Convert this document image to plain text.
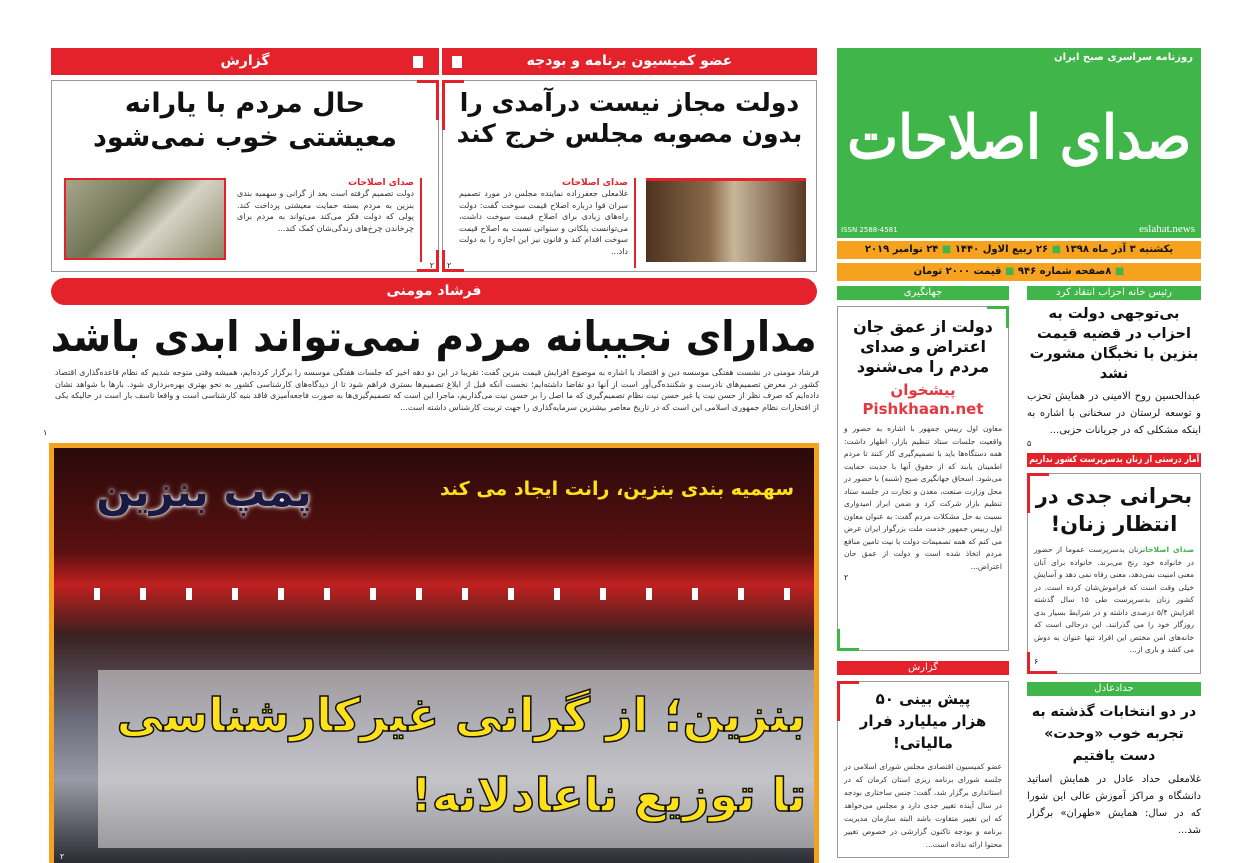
گزارش
حال مردم با یارانه معیشتی خوب نمی‌شود
صدای اصلاحات
دولت تصمیم گرفته است بعد از گرانی و سهمیه بندی بنزین به مردم بسته حمایت معیشتی پرداخت کند. پولی که دولت فکر می‌کند می‌تواند به مردم برای چرخاندن چرخ‌های زندگی‌شان کمک کند...
۲
عضو کمیسیون برنامه و بودجه
دولت مجاز نیست درآمدی را بدون مصوبه مجلس خرج کند
صدای اصلاحات
غلامعلی جعفرزاده نماینده مجلس در مورد تصمیم سران قوا درباره اصلاح قیمت سوخت گفت: دولت راه‌های زیادی برای اصلاح قیمت سوخت داشت، می‌توانست پلکانی و سنواتی نسبت به اصلاح قیمت سوخت اقدام کند و قانون نیز این اجازه را به دولت داد...
۲
روزنامه سراسری صبح ایران
صدای اصلاحات
ISSN 2588-4581	eslahat.news
یکشنبه ۳ آذر ماه ۱۳۹۸ ■ ۲۶ ربیع الاول ۱۴۴۰ ■ ۲۴ نوامبر ۲۰۱۹
■ ۸صفحه شماره ۹۴۶ ■ قیمت ۲۰۰۰ تومان
فرشاد مومنی
مدارای نجیبانه مردم نمی‌تواند ابدی باشد
فرشاد مومنی در نشست هفتگی موسسه دین و اقتصاد با اشاره به موضوع افزایش قیمت بنزین گفت: تقریبا در این دو دهه اخیر که جلسات هفتگی موسسه را برگزار کرده‌ایم، همیشه وقتی متوجه شدیم که نظام قاعده‌گذاری اقتصاد کشور در معرض تصمیم‌های نادرست و شکننده‌گی‌آور است از آنها دو تقاضا داشته‌ایم؛ نخست آنکه قبل از ابلاغ تصمیم‌ها بستری فراهم شود تا از دیدگاه‌های کارشناسی کشور به نحو بهتری بهره‌برداری شود. بارها با شواهد نشان داده‌ایم که صرف نظر از حسن نیت یا غیر حسن نیت نظام تصمیم‌گیری که ما اصل را بر حسن نیت می‌گذاریم، ماجرا این است که تصمیم‌گیری‌ها به صورت فاجعه‌آمیزی فاقد بنیه کارشناسی است و واقعا تاسف بار است در حالیکه یکی از افتخارات نظام جمهوری اسلامی این است که در تاریخ معاصر بیشترین سرمایه‌گذاری را جهت تربیت کارشناس داشته است...
۱
پمپ بنزین	سهمیه بندی بنزین، رانت ایجاد می کند
بنزین؛ از گرانی غیرکارشناسی
تا توزیع ناعادلانه!
۲
جهانگیری
دولت از عمق جان اعتراض و صدای مردم را می‌شنود
پیشخوان Pishkhaan.net
معاون اول رییس جمهور با اشاره به حضور و واقعیت جلسات ستاد تنظیم بازار، اظهار داشت: همه دستگاه‌ها باید با تصمیم‌گیری کار کنند تا مردم اطمینان یابند که از حقوق آنها با جدیت حمایت می‌شود. اسحاق جهانگیری صبح (شنبه) با حضور در محل وزارت صنعت، معدن و تجارت در جلسه ستاد تنظیم بازار شرکت کرد و ضمن ابراز امیدواری نسبت به حل مشکلات مردم گفت: به عنوان معاون اول رییس جمهور خدمت ملت بزرگوار ایران عرض می کنم که همه تصمیمات دولت با نیت تامین منافع مردم اتخاذ شده است و دولت از عمق جان اعتراض...
۲
گزارش
پیش بینی ۵۰ هزار میلیارد فرار مالیاتی!
عضو کمیسیون اقتصادی مجلس شورای اسلامی در جلسه شورای برنامه ریزی استان کرمان که در استانداری برگزار شد، گفت: جنس ساختاری بودجه در سال آینده تغییر جدی دارد و مجلس می‌خواهد که این تغییر متفاوت باشد البته سازمان مدیریت برنامه و بودجه تاکنون گزارشی در خصوص تغییر محتوا ارائه نداده است...
رئیس خانه احزاب انتقاد کرد
بی‌توجهی دولت به احزاب در قضیه قیمت بنزین با نخبگان مشورت نشد
عبدالحسین روح الامینی در همایش تحزب و توسعه لرستان در سخنانی با اشاره به اینکه مشکلی که در جریانات حزبی...
۵
آمار درستی از زنان بدسرپرست کشور نداریم
بحرانی جدی در انتظار زنان!
صدای اصلاحاتزنان بدسرپرست عموما از حضور در خانواده خود رنج می‌برند. خانواده برای آنان معنی امنیت نمی‌دهد، معنی رفاه نمی دهد و آسایش خیلی وقت است که فراموش‌شان کرده است. در کشور زنان بدسرپرست طی ۱۵ سال گذشته افزایش ۵/۴ درصدی داشته و در شرایط بسیار بدی روزگار خود را می گذرانند. این درحالی است که خانه‌های امن مختص این افراد تنها عنوان به دوش می کشد و باری از...
۶
حدادعادل
در دو انتخابات گذشته به تجربه خوب «وحدت» دست یافتیم
غلامعلی حداد عادل در همایش اساتید دانشگاه و مراکز آموزش عالی این شورا که در سال: همایش «طهران» برگزار شد...
